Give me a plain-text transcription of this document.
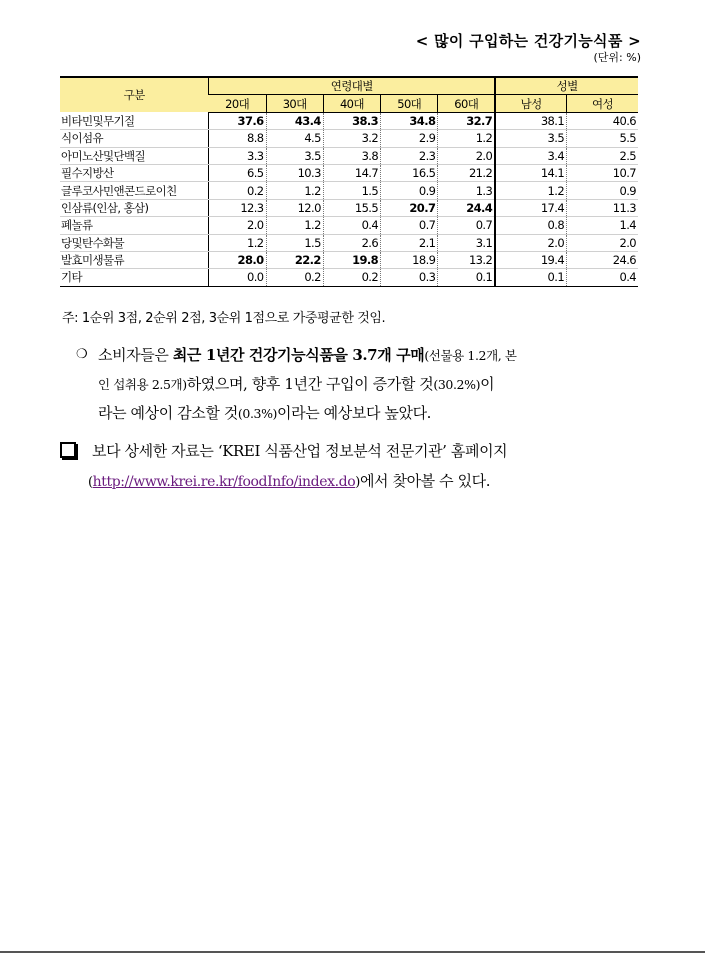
< 많이 구입하는 건강기능식품 >
(단위: %)
구분	연령대별					성별	
	20대	30대	40대	50대	60대	남성	여성
비타민및무기질	37.6	43.4	38.3	34.8	32.7	38.1	40.6
식이섬유	8.8	4.5	3.2	2.9	1.2	3.5	5.5
아미노산및단백질	3.3	3.5	3.8	2.3	2.0	3.4	2.5
필수지방산	6.5	10.3	14.7	16.5	21.2	14.1	10.7
글루코사민앤콘드로이친	0.2	1.2	1.5	0.9	1.3	1.2	0.9
인삼류(인삼, 홍삼)	12.3	12.0	15.5	20.7	24.4	17.4	11.3
폐놀류	2.0	1.2	0.4	0.7	0.7	0.8	1.4
당및탄수화물	1.2	1.5	2.6	2.1	3.1	2.0	2.0
발효미생물류	28.0	22.2	19.8	18.9	13.2	19.4	24.6
기타	0.0	0.2	0.2	0.3	0.1	0.1	0.4
주: 1순위 3점, 2순위 2점, 3순위 1점으로 가중평균한 것임.
❍ 소비자들은 최근 1년간 건강기능식품을 3.7개 구매(선물용 1.2개, 본
인 섭취용 2.5개)하였으며, 향후 1년간 구입이 증가할 것(30.2%)이
라는 예상이 감소할 것(0.3%)이라는 예상보다 높았다.
보다 상세한 자료는 ‘KREI 식품산업 정보분석 전문기관’ 홈페이지
(http://www.krei.re.kr/foodInfo/index.do)에서 찾아볼 수 있다.
